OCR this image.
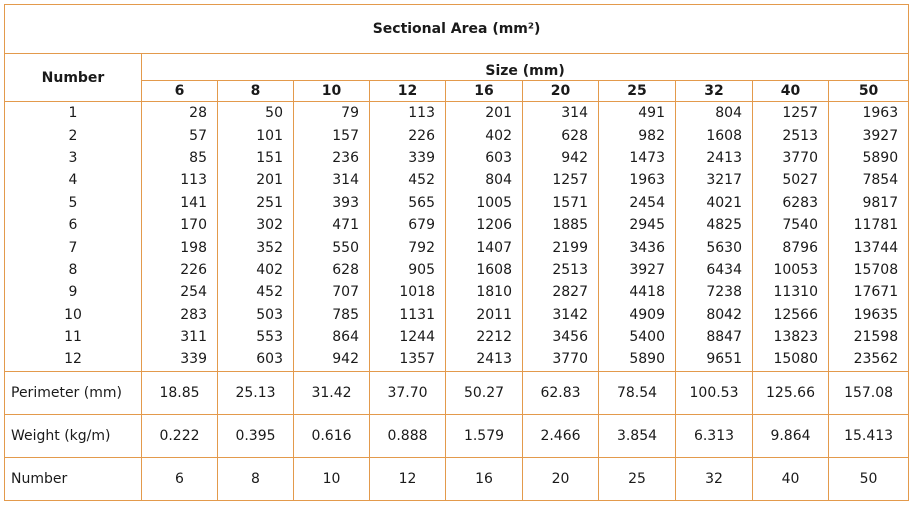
Sectional Area (mm²)										
Number	Size (mm)									
	6	8	10	12	16	20	25	32	40	50
1	28	50	79	113	201	314	491	804	1257	1963
2	57	101	157	226	402	628	982	1608	2513	3927
3	85	151	236	339	603	942	1473	2413	3770	5890
4	113	201	314	452	804	1257	1963	3217	5027	7854
5	141	251	393	565	1005	1571	2454	4021	6283	9817
6	170	302	471	679	1206	1885	2945	4825	7540	11781
7	198	352	550	792	1407	2199	3436	5630	8796	13744
8	226	402	628	905	1608	2513	3927	6434	10053	15708
9	254	452	707	1018	1810	2827	4418	7238	11310	17671
10	283	503	785	1131	2011	3142	4909	8042	12566	19635
11	311	553	864	1244	2212	3456	5400	8847	13823	21598
12	339	603	942	1357	2413	3770	5890	9651	15080	23562
Perimeter (mm)	18.85	25.13	31.42	37.70	50.27	62.83	78.54	100.53	125.66	157.08
Weight (kg/m)	0.222	0.395	0.616	0.888	1.579	2.466	3.854	6.313	9.864	15.413
Number	6	8	10	12	16	20	25	32	40	50
